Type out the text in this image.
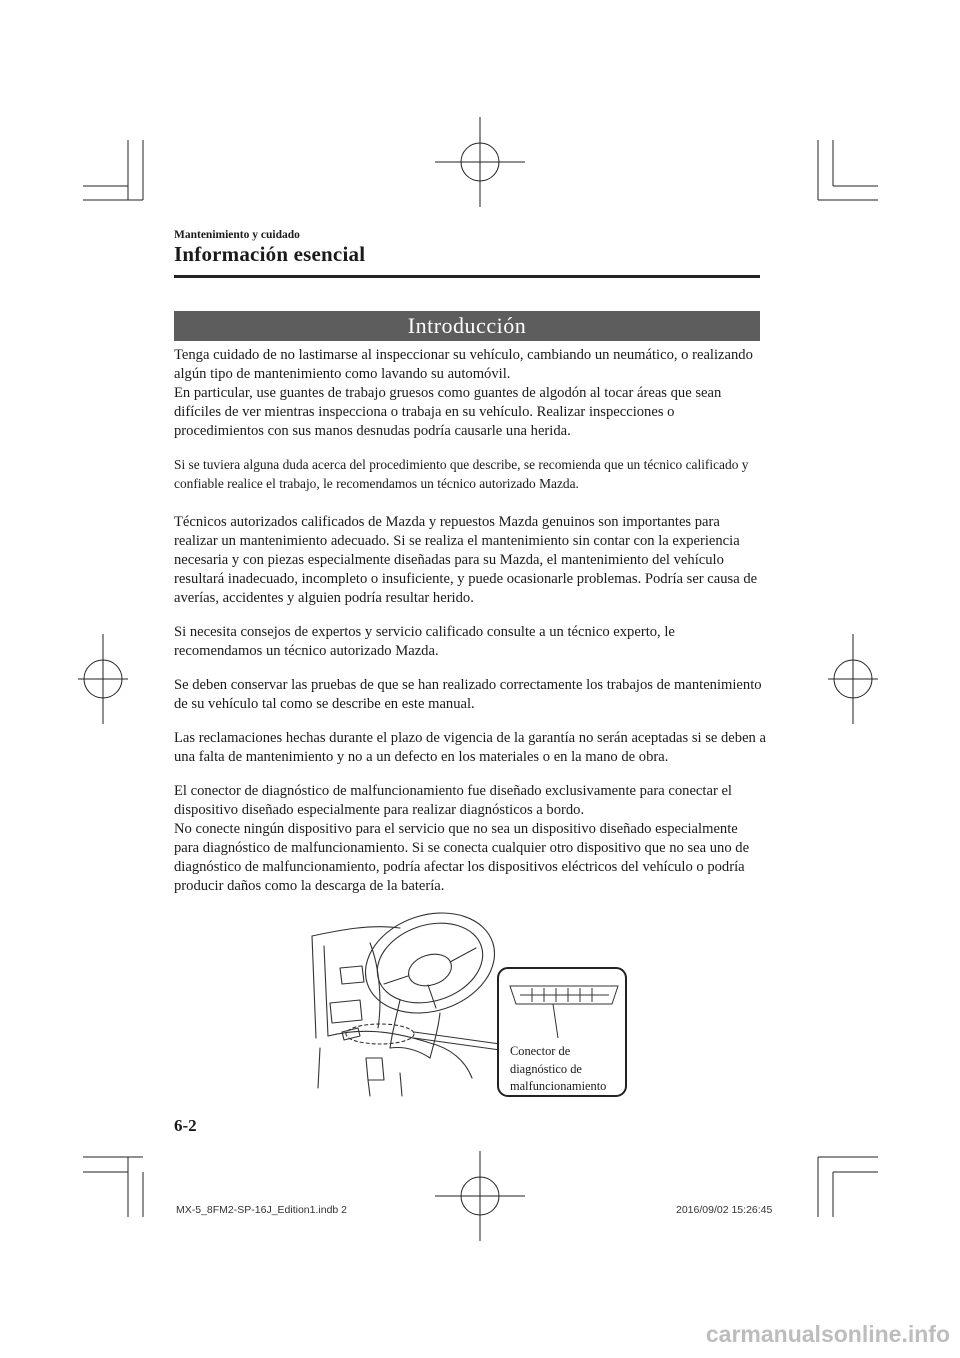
Mantenimiento y cuidado
Información esencial
Introducción

Tenga cuidado de no lastimarse al inspeccionar su vehículo, cambiando un neumático, o realizando algún tipo de mantenimiento como lavando su automóvil.
En particular, use guantes de trabajo gruesos como guantes de algodón al tocar áreas que sean difíciles de ver mientras inspecciona o trabaja en su vehículo. Realizar inspecciones o procedimientos con sus manos desnudas podría causarle una herida.

Si se tuviera alguna duda acerca del procedimiento que describe, se recomienda que un técnico calificado y confiable realice el trabajo, le recomendamos un técnico autorizado Mazda.

Técnicos autorizados calificados de Mazda y repuestos Mazda genuinos son importantes para realizar un mantenimiento adecuado. Si se realiza el mantenimiento sin contar con la experiencia necesaria y con piezas especialmente diseñadas para su Mazda, el mantenimiento del vehículo resultará inadecuado, incompleto o insuficiente, y puede ocasionarle problemas. Podría ser causa de averías, accidentes y alguien podría resultar herido.

Si necesita consejos de expertos y servicio calificado consulte a un técnico experto, le recomendamos un técnico autorizado Mazda.

Se deben conservar las pruebas de que se han realizado correctamente los trabajos de mantenimiento de su vehículo tal como se describe en este manual.

Las reclamaciones hechas durante el plazo de vigencia de la garantía no serán aceptadas si se deben a una falta de mantenimiento y no a un defecto en los materiales o en la mano de obra.

El conector de diagnóstico de malfuncionamiento fue diseñado exclusivamente para conectar el dispositivo diseñado especialmente para realizar diagnósticos a bordo.
No conecte ningún dispositivo para el servicio que no sea un dispositivo diseñado especialmente para diagnóstico de malfuncionamiento. Si se conecta cualquier otro dispositivo que no sea uno de diagnóstico de malfuncionamiento, podría afectar los dispositivos eléctricos del vehículo o podría producir daños como la descarga de la batería.

Conector de
diagnóstico de
malfuncionamiento
6-2
MX-5_8FM2-SP-16J_Edition1.indb 2	2016/09/02 15:26:45
carmanualsonline.info
